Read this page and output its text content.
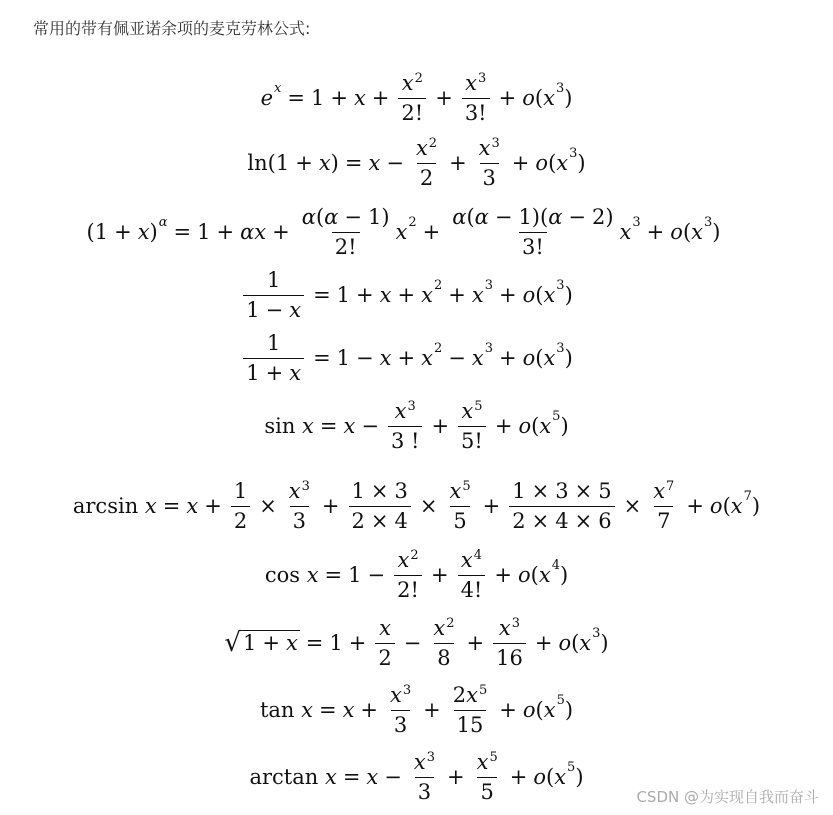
常用的带有佩亚诺余项的麦克劳林公式:
e $x = 1 + x + \frac{x^2}{2!} + \frac{x^3}{3!} + o$ ( x 3 )
ln (1 + x ) = $x - \frac{x^2}{2} + \frac{x^3}{3} + o$ ( x 3 )
(1 + x ) $\alpha = 1 + \alpha x + \frac{\alpha(\alpha - 1)}{2!}$ x $2 + \frac{\alpha(\alpha - 1)(\alpha - 2)}{3!}$ x 3 + o ( x 3 )
$\frac{1}{1 - x} = 1 + x + x$ 2 + x 3 + o ( x 3 )
$\frac{1}{1 + x} = 1 - x + x$ 2 − x 3 + o ( x 3 )
sin
$x = x - \frac{x^3}{3 !} + \frac{x^5}{5!} + o$ ( x 5 )
arcsin
$x = x + \frac{1}{2} \times \frac{x^3}{3} + \frac{1 \times 3}{2 \times 4} \times \frac{x^5}{5} + \frac{1 \times 3 \times 5}{2 \times 4 \times 6} \times \frac{x^7}{7} + o$ ( x 7 )
cos
$x = 1 - \frac{x^2}{2!} + \frac{x^4}{4!} + o$ ( x 4 )
√ $1 + x = 1 + \frac{x}{2} - \frac{x^2}{8} + \frac{x^3}{16} + o$ ( x 3 )
tan
$x = x + \frac{x^3}{3} + \frac{2x^5}{15} + o$ ( x 5 )
arctan
$x = x - \frac{x^3}{3} + \frac{x^5}{5} + o$ ( x 5 )
CSDN @为实现自我而奋斗
